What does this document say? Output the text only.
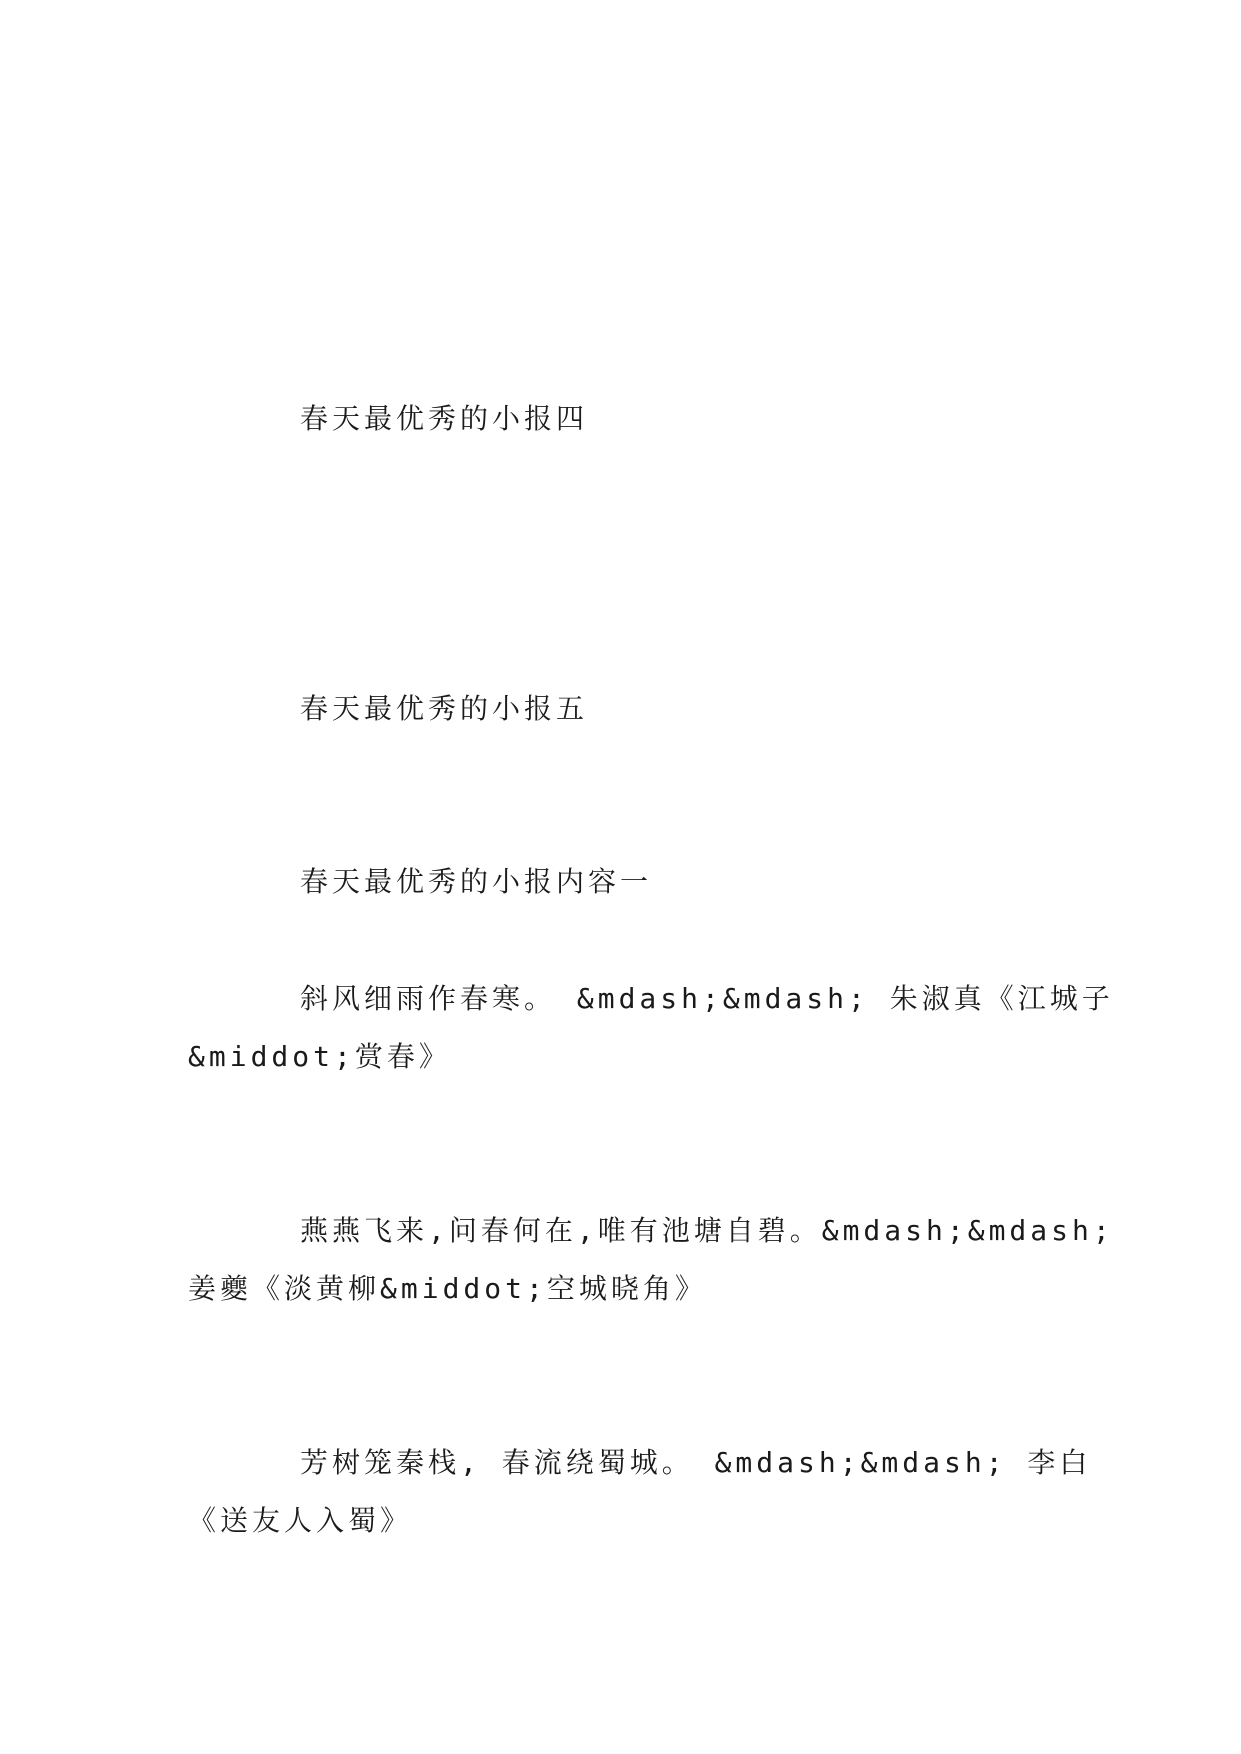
春天最优秀的小报四
春天最优秀的小报五
春天最优秀的小报内容一
斜风细雨作春寒。 &mdash;&mdash; 朱淑真《江城子
&middot;赏春》
燕燕飞来,问春何在,唯有池塘自碧。&mdash;&mdash;
姜夔《淡黄柳&middot;空城晓角》
芳树笼秦栈, 春流绕蜀城。 &mdash;&mdash; 李白
《送友人入蜀》
